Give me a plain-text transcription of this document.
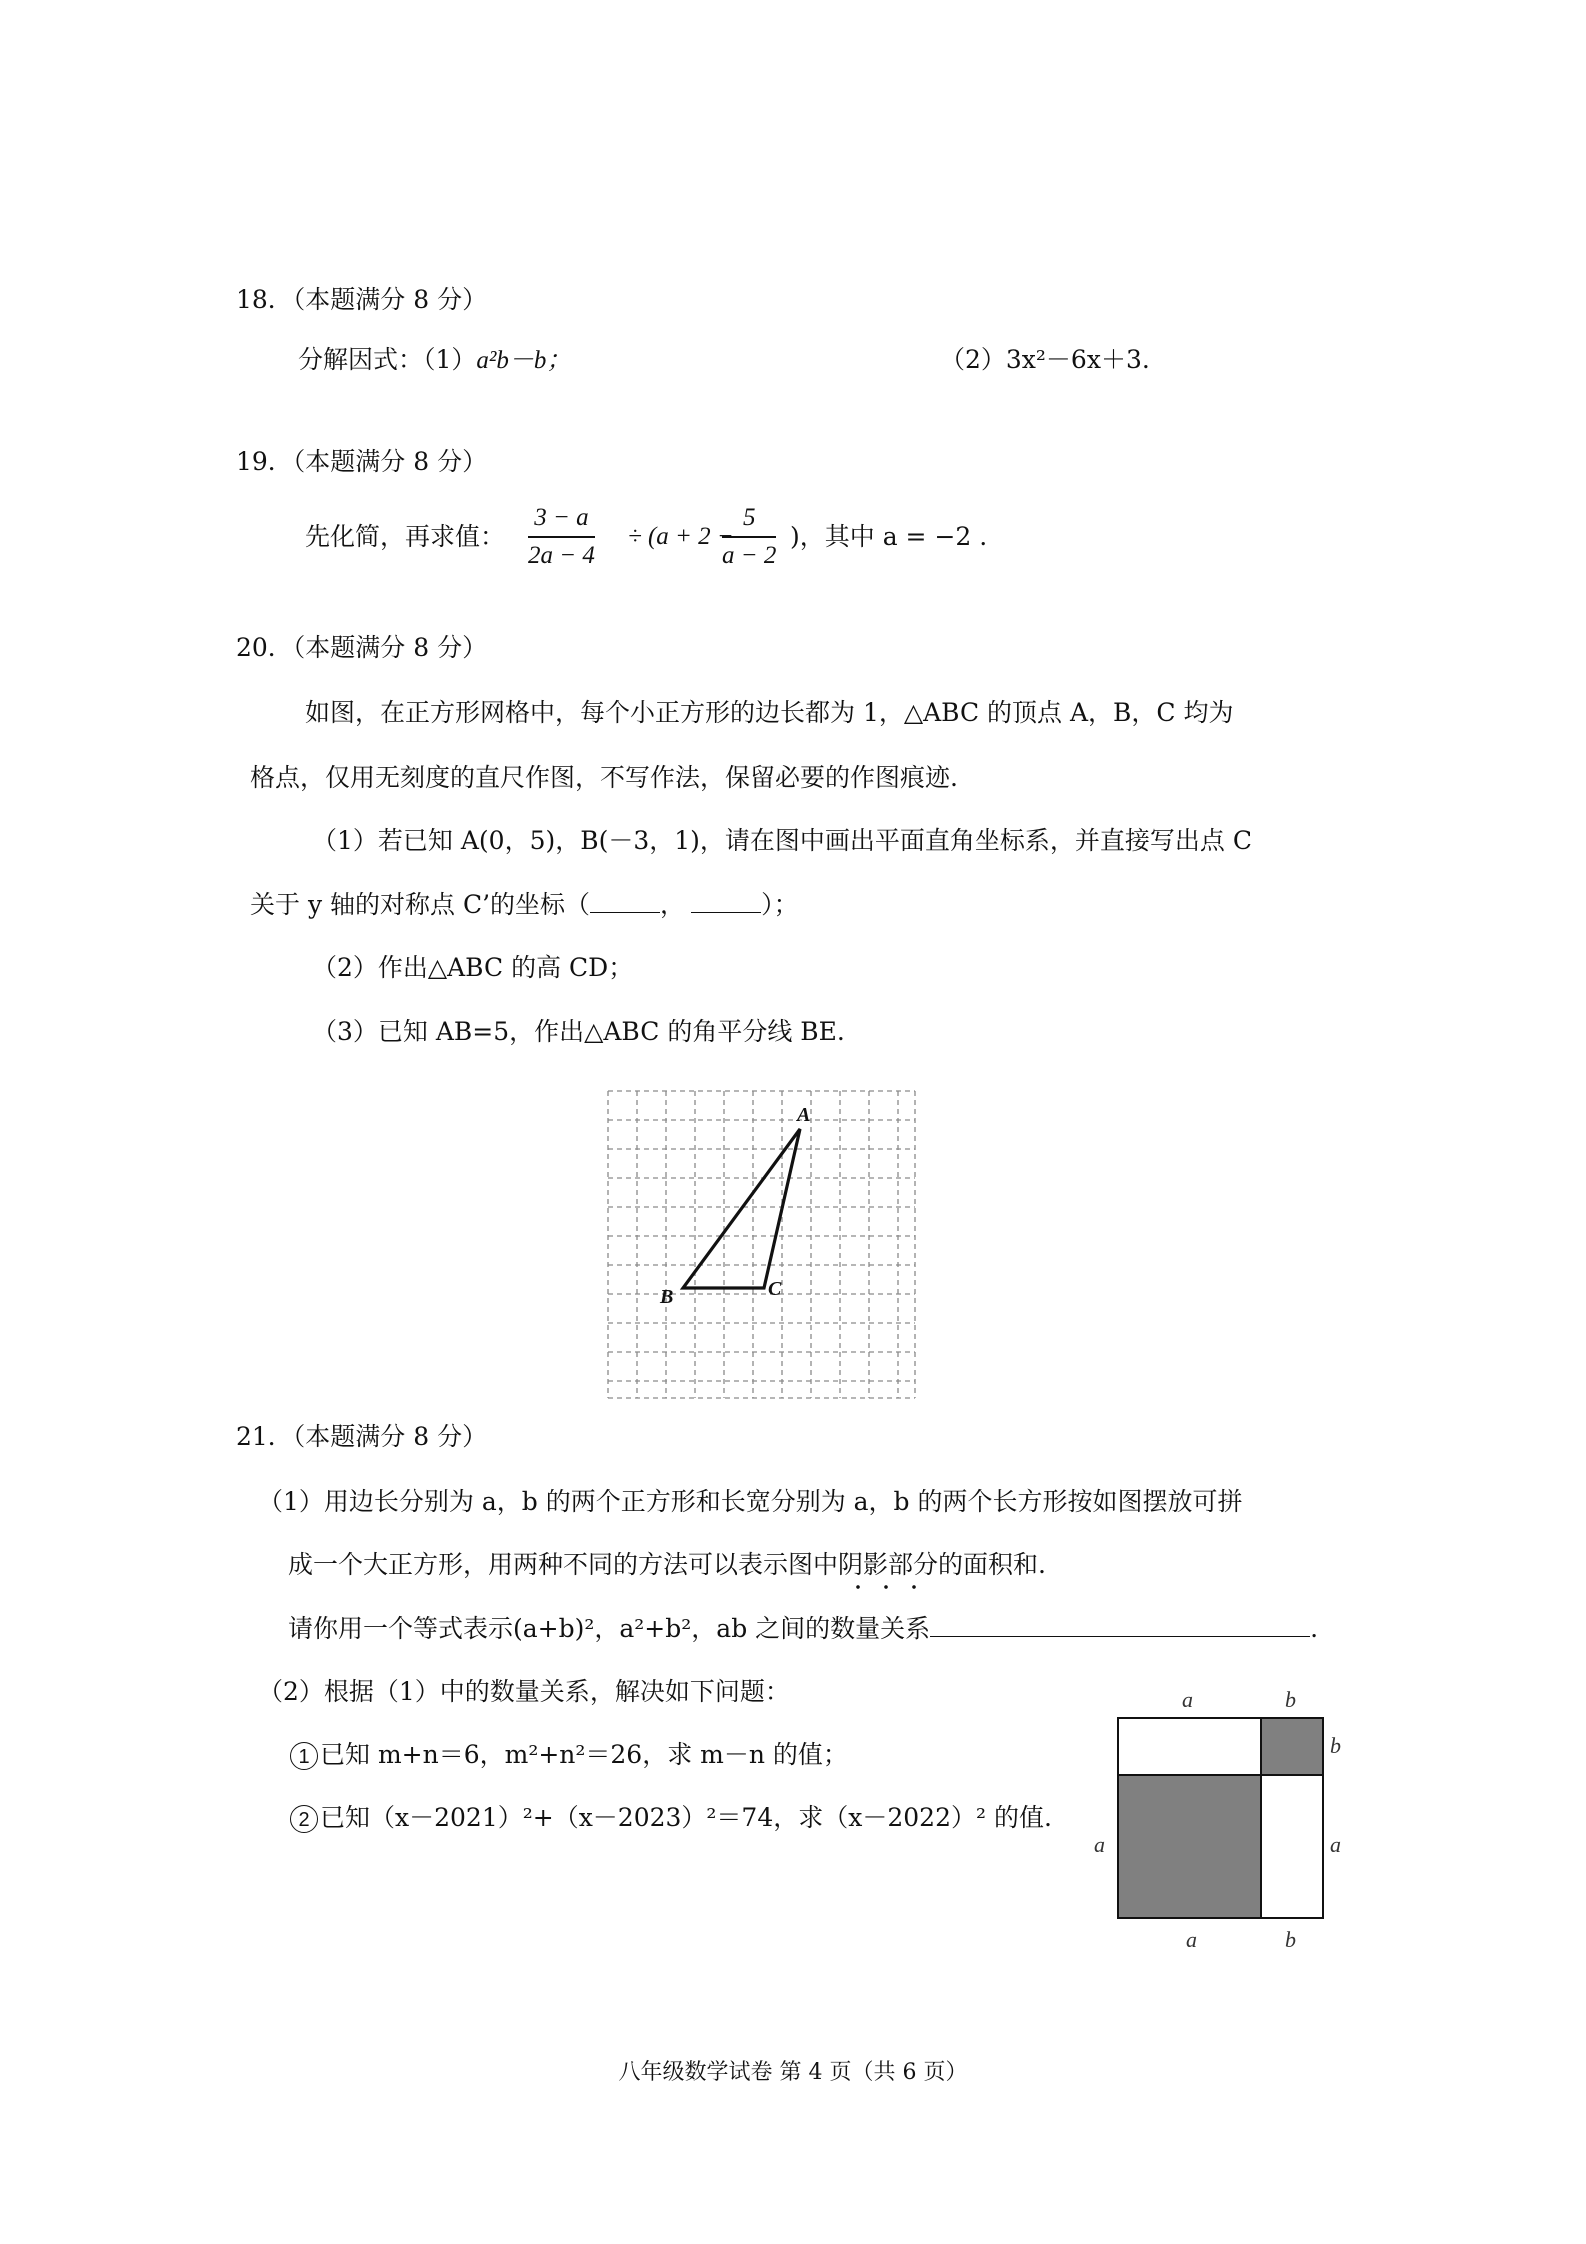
18．（本题满分 8 分）
分解因式：（1）a²b－b；	（2）3x²－6x＋3.
19．（本题满分 8 分）
先化简，再求值： $\frac{3 - a}{2a - 4} \div (a + 2$ −
$\frac{5}{a - 2}$ )，其中 a = −2 .
20．（本题满分 8 分）
如图，在正方形网格中，每个小正方形的边长都为 1，△ABC 的顶点 A，B，C 均为
格点，仅用无刻度的直尺作图，不写作法，保留必要的作图痕迹.
（1）若已知 A(0，5)，B(－3，1)，请在图中画出平面直角坐标系，并直接写出点 C
关于 y 轴的对称点 C’的坐标（	，	）；
（2）作出△ABC 的高 CD；
（3）已知 AB=5，作出△ABC 的角平分线 BE.
A
B	C
21．（本题满分 8 分）
（1）用边长分别为 a，b 的两个正方形和长宽分别为 a，b 的两个长方形按如图摆放可拼
成一个大正方形，用两种不同的方法可以表示图中阴影部分的面积和.
请你用一个等式表示(a+b)²，a²+b²，ab 之间的数量关系	.
（2）根据（1）中的数量关系，解决如下问题：
1 已知 m+n＝6，m²+n²＝26，求 m－n 的值；
2 已知（x－2021）²+（x－2023）²＝74，求（x－2022）² 的值.
a	b
b
a	a
a	b
八年级数学试卷 第 4 页（共 6 页）
